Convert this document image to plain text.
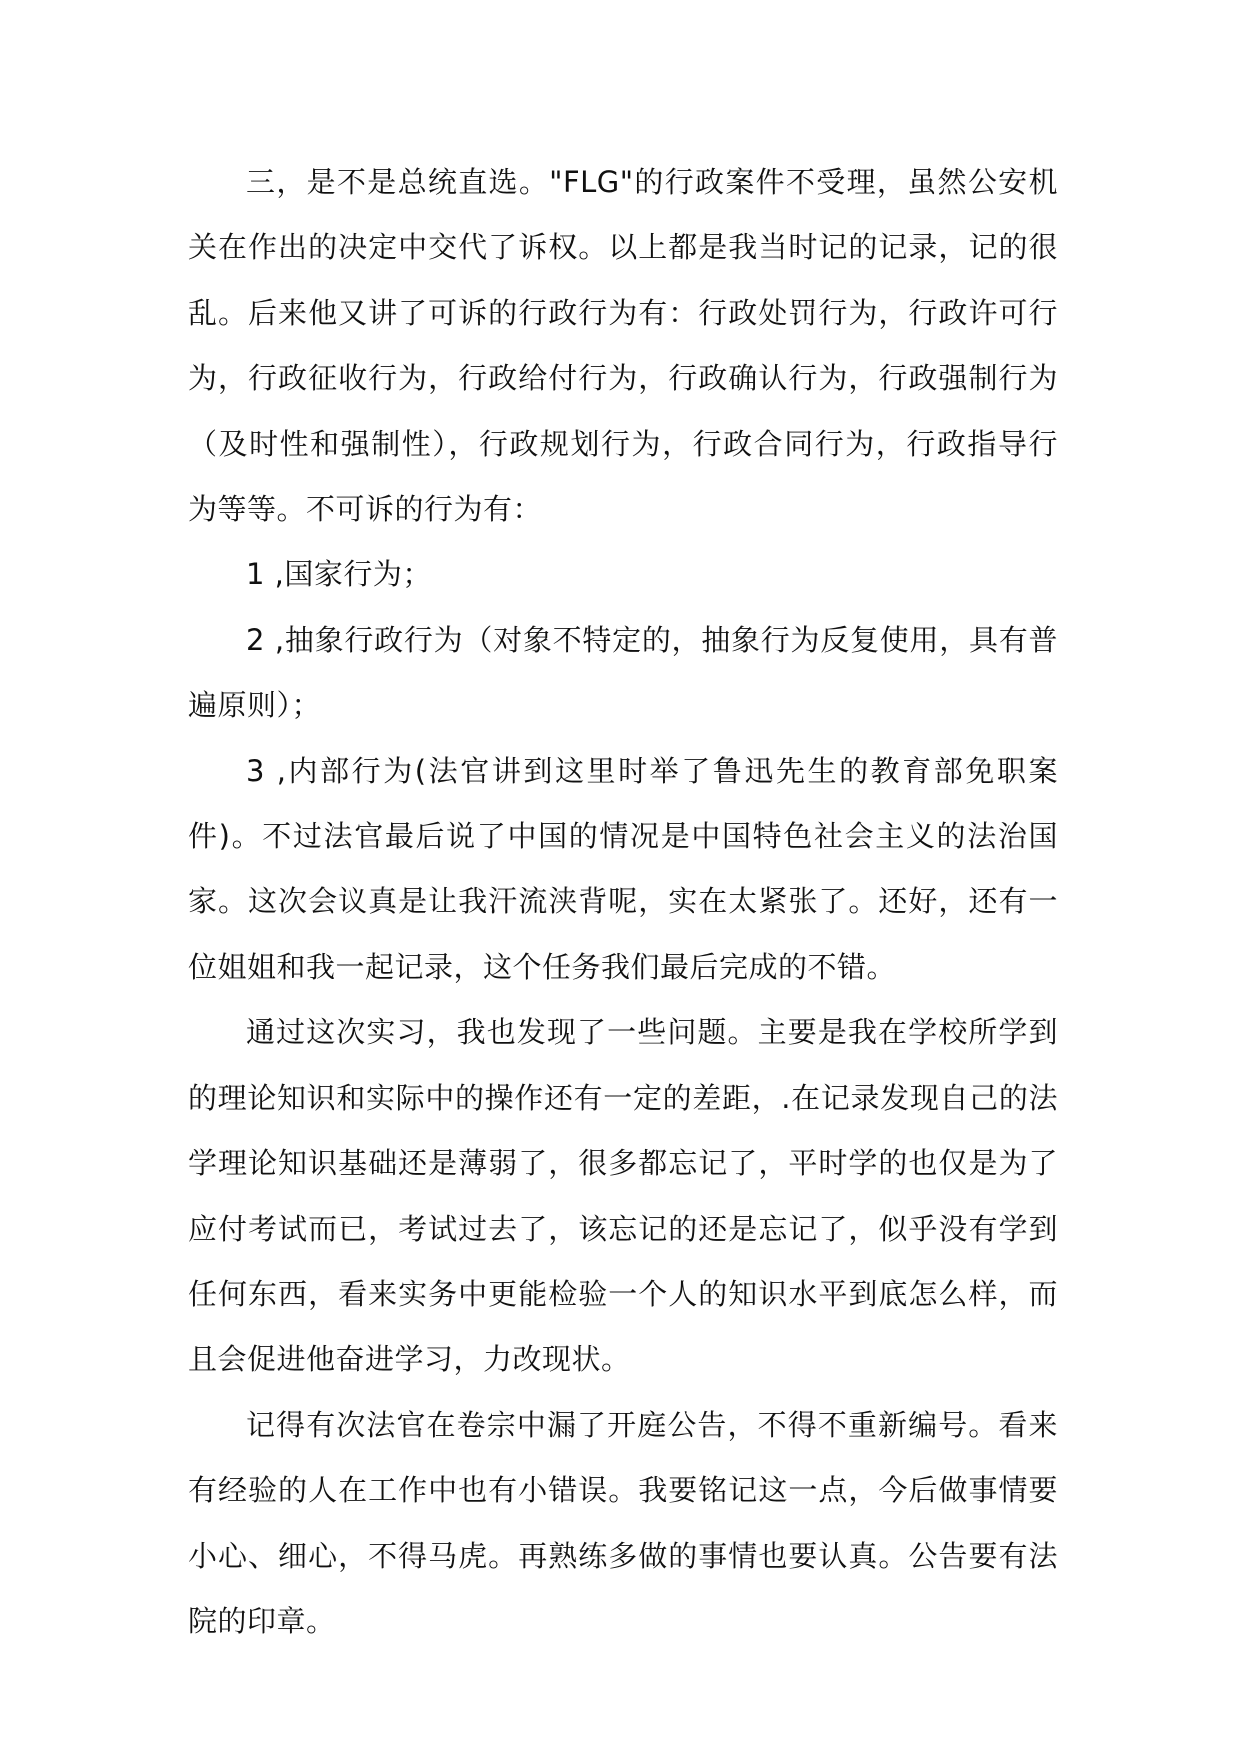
三，是不是总统直选。"FLG"的行政案件不受理，虽然公安机关在作出的决定中交代了诉权。以上都是我当时记的记录，记的很乱。后来他又讲了可诉的行政行为有：行政处罚行为，行政许可行为，行政征收行为，行政给付行为，行政确认行为，行政强制行为（及时性和强制性），行政规划行为，行政合同行为，行政指导行为等等。不可诉的行为有：

1 ,国家行为；

2 ,抽象行政行为（对象不特定的，抽象行为反复使用，具有普遍原则）；

3 ,内部行为(法官讲到这里时举了鲁迅先生的教育部免职案件)。不过法官最后说了中国的情况是中国特色社会主义的法治国家。这次会议真是让我汗流浃背呢，实在太紧张了。还好，还有一位姐姐和我一起记录，这个任务我们最后完成的不错。

通过这次实习，我也发现了一些问题。主要是我在学校所学到的理论知识和实际中的操作还有一定的差距，.在记录发现自己的法学理论知识基础还是薄弱了，很多都忘记了，平时学的也仅是为了应付考试而已，考试过去了，该忘记的还是忘记了，似乎没有学到任何东西，看来实务中更能检验一个人的知识水平到底怎么样，而且会促进他奋进学习，力改现状。

记得有次法官在卷宗中漏了开庭公告，不得不重新编号。看来有经验的人在工作中也有小错误。我要铭记这一点，今后做事情要小心、细心，不得马虎。再熟练多做的事情也要认真。公告要有法院的印章。
